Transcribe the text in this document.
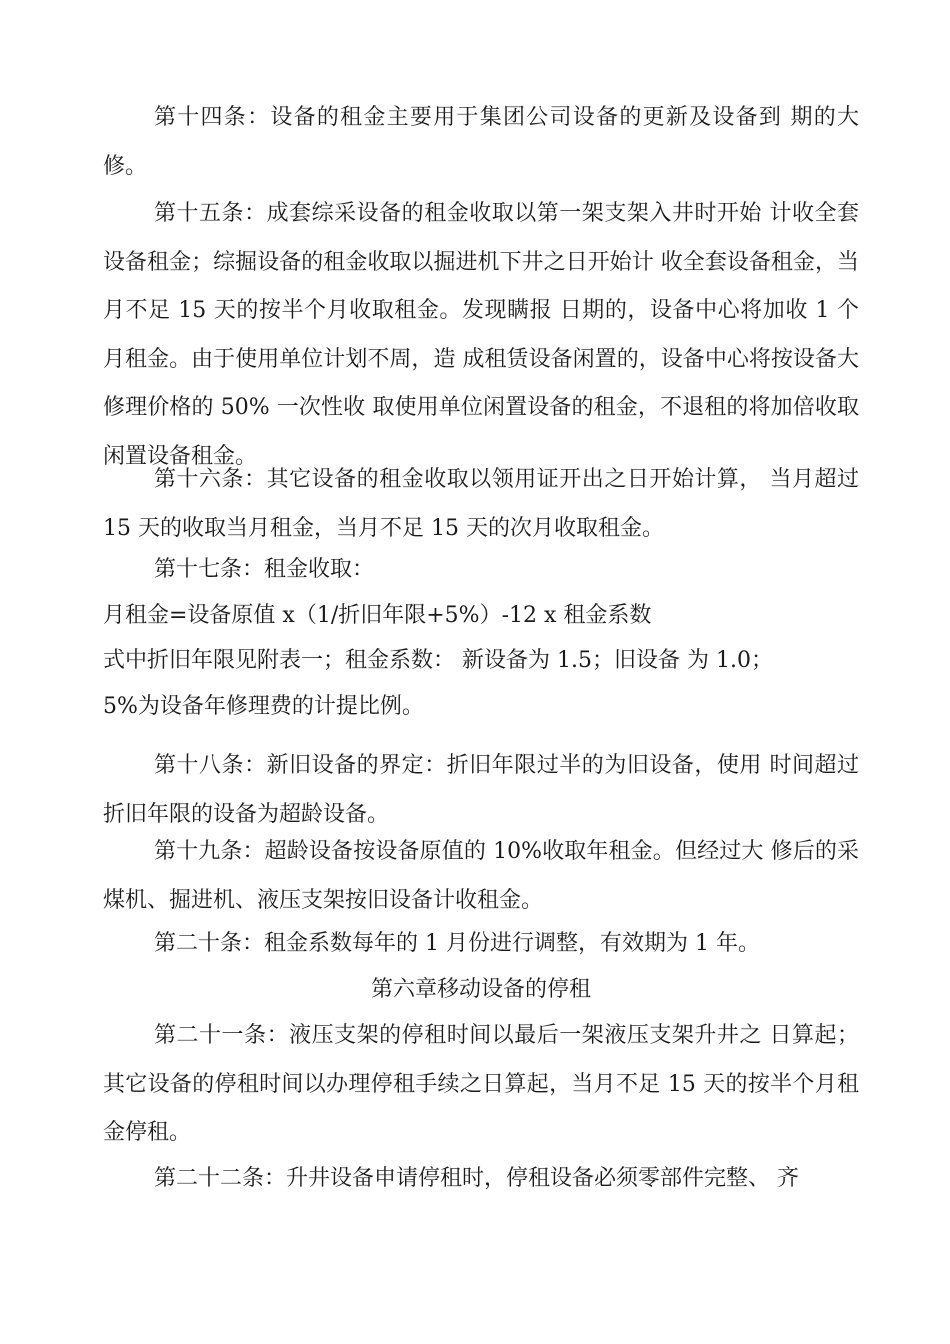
第十四条：设备的租金主要用于集团公司设备的更新及设备到 期的大修。

第十五条：成套综采设备的租金收取以第一架支架入井时开始 计收全套设备租金；综掘设备的租金收取以掘进机下井之日开始计 收全套设备租金，当月不足 15 天的按半个月收取租金。发现瞒报 日期的，设备中心将加收 1 个月租金。由于使用单位计划不周，造 成租赁设备闲置的，设备中心将按设备大修理价格的 50% 一次性收 取使用单位闲置设备的租金，不退租的将加倍收取闲置设备租金。

第十六条：其它设备的租金收取以领用证开出之日开始计算， 当月超过 15 天的收取当月租金，当月不足 15 天的次月收取租金。

第十七条：租金收取：

月租金=设备原值 x（1/折旧年限+5%）-12 x 租金系数

式中折旧年限见附表一；租金系数： 新设备为 1.5；旧设备 为 1.0；

5%为设备年修理费的计提比例。

第十八条：新旧设备的界定：折旧年限过半的为旧设备，使用 时间超过折旧年限的设备为超龄设备。

第十九条：超龄设备按设备原值的 10%收取年租金。但经过大 修后的采煤机、掘进机、液压支架按旧设备计收租金。

第二十条：租金系数每年的 1 月份进行调整，有效期为 1 年。

第六章移动设备的停租

第二十一条：液压支架的停租时间以最后一架液压支架升井之 日算起；其它设备的停租时间以办理停租手续之日算起，当月不足 15 天的按半个月租金停租。

第二十二条：升井设备申请停租时，停租设备必须零部件完整、 齐
